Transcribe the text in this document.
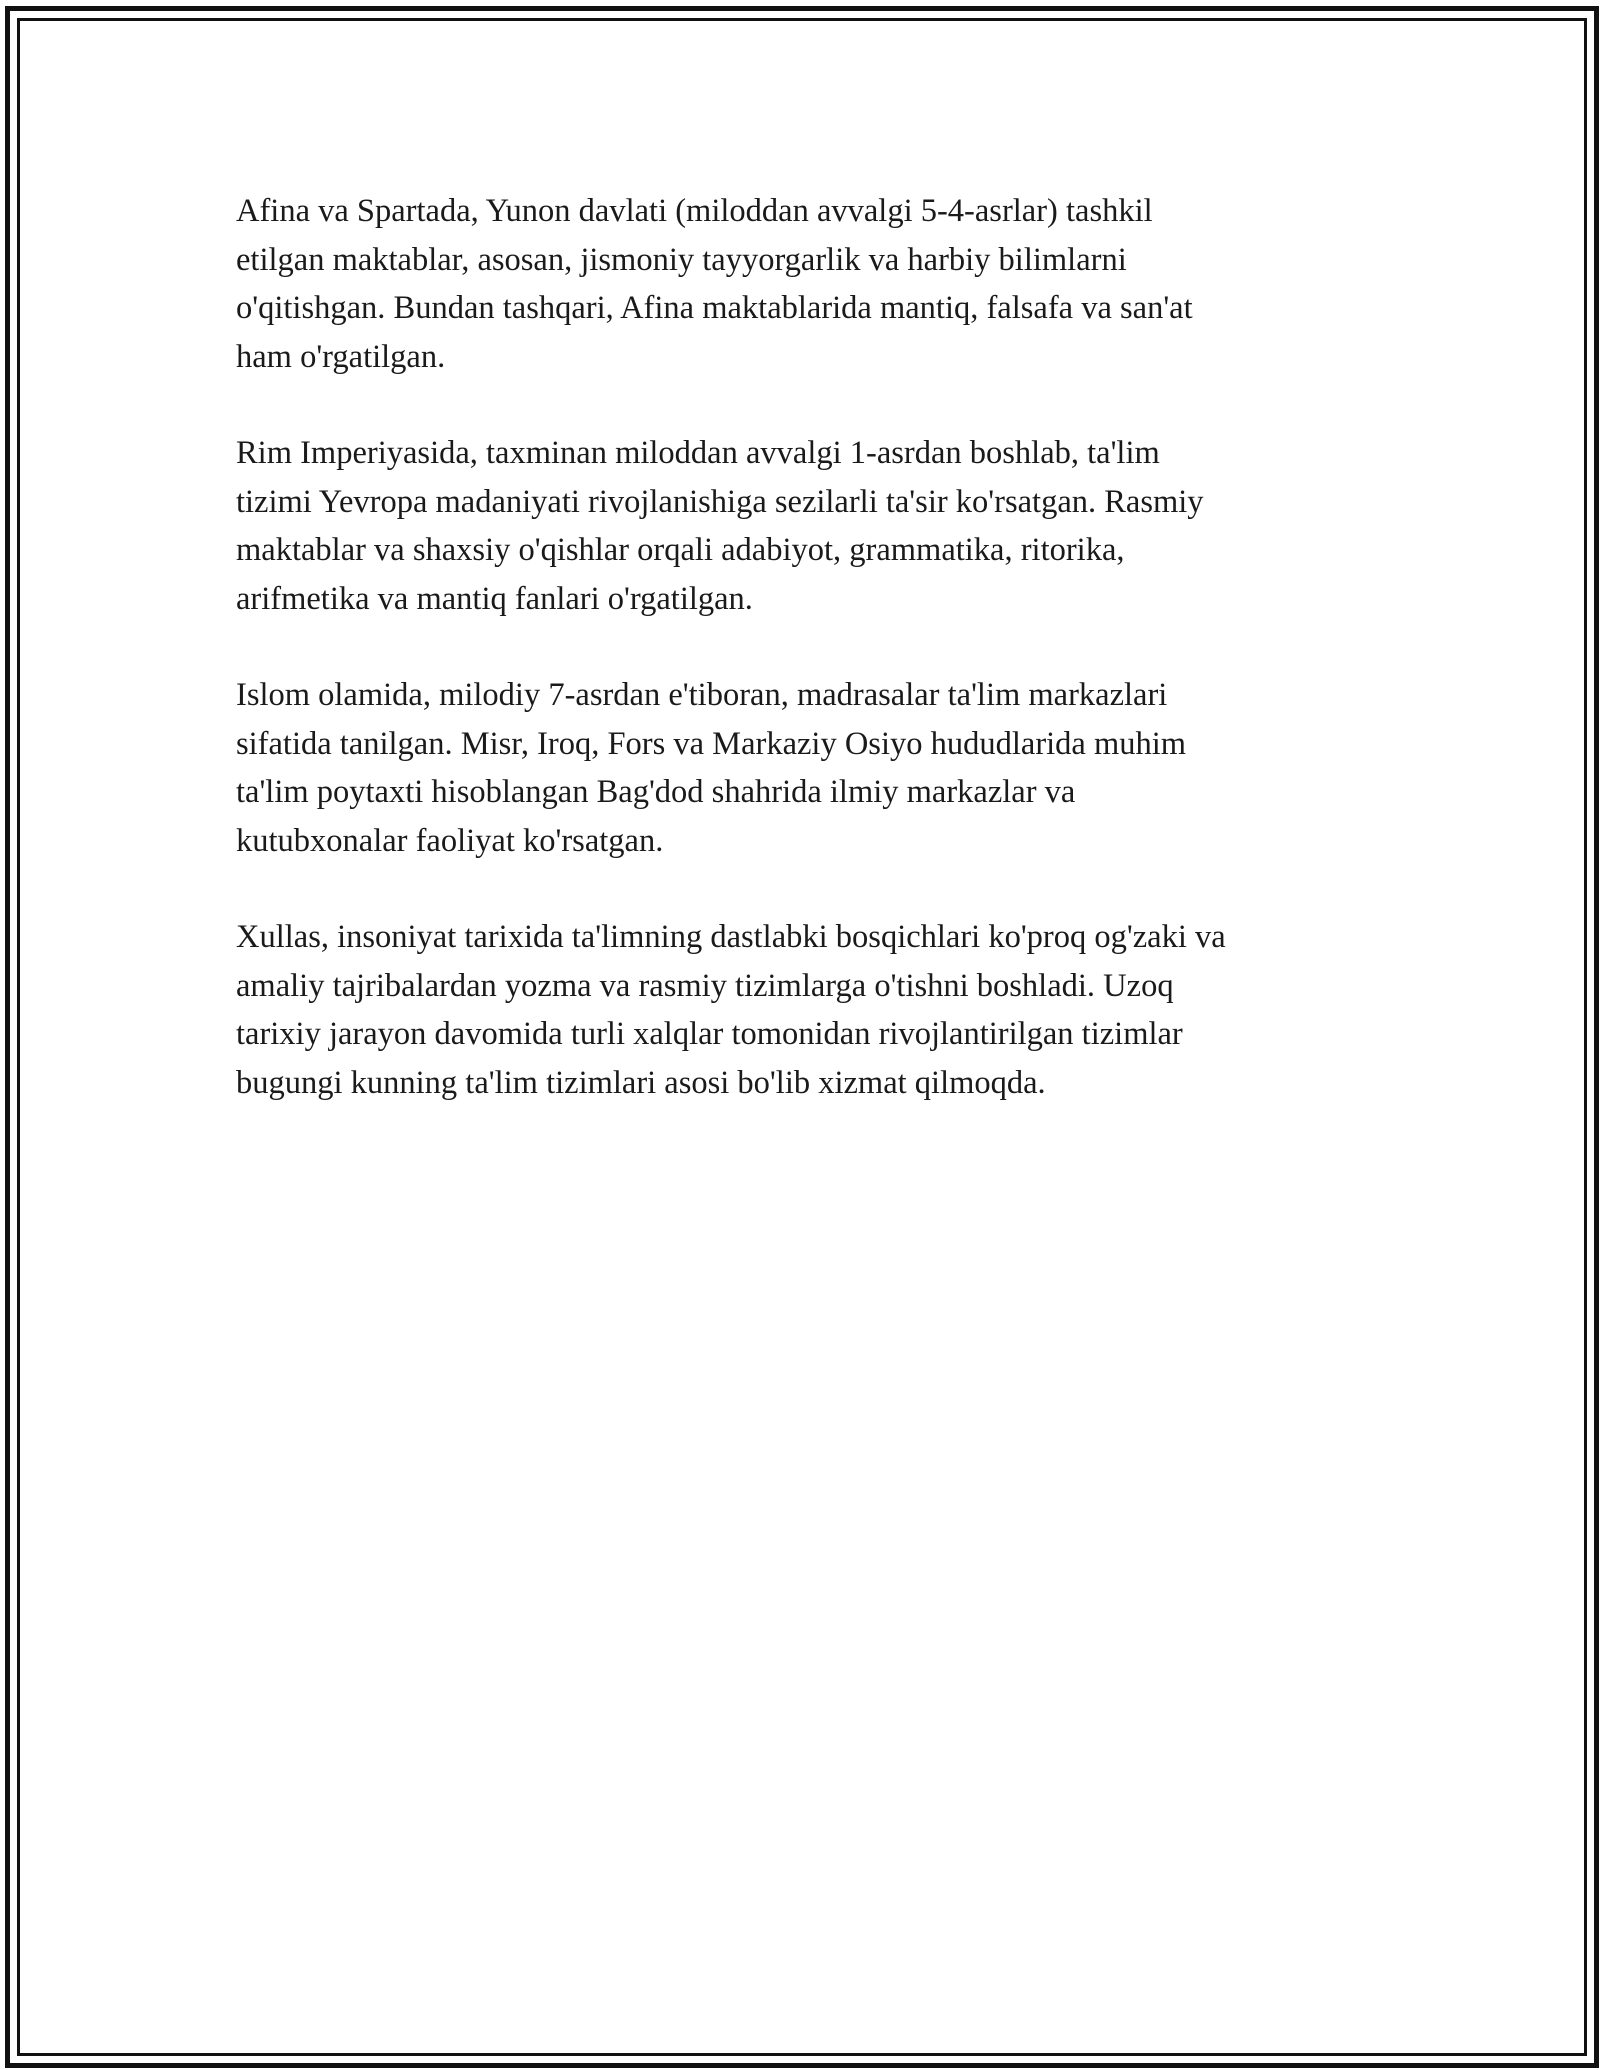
Afina va Spartada, Yunon davlati (miloddan avvalgi 5-4-asrlar) tashkil
etilgan maktablar, asosan, jismoniy tayyorgarlik va harbiy bilimlarni
o'qitishgan. Bundan tashqari, Afina maktablarida mantiq, falsafa va san'at
ham o'rgatilgan.

Rim Imperiyasida, taxminan miloddan avvalgi 1-asrdan boshlab, ta'lim
tizimi Yevropa madaniyati rivojlanishiga sezilarli ta'sir ko'rsatgan. Rasmiy
maktablar va shaxsiy o'qishlar orqali adabiyot, grammatika, ritorika,
arifmetika va mantiq fanlari o'rgatilgan.

Islom olamida, milodiy 7-asrdan e'tiboran, madrasalar ta'lim markazlari
sifatida tanilgan. Misr, Iroq, Fors va Markaziy Osiyo hududlarida muhim
ta'lim poytaxti hisoblangan Bag'dod shahrida ilmiy markazlar va
kutubxonalar faoliyat ko'rsatgan.

Xullas, insoniyat tarixida ta'limning dastlabki bosqichlari ko'proq og'zaki va
amaliy tajribalardan yozma va rasmiy tizimlarga o'tishni boshladi. Uzoq
tarixiy jarayon davomida turli xalqlar tomonidan rivojlantirilgan tizimlar
bugungi kunning ta'lim tizimlari asosi bo'lib xizmat qilmoqda.
